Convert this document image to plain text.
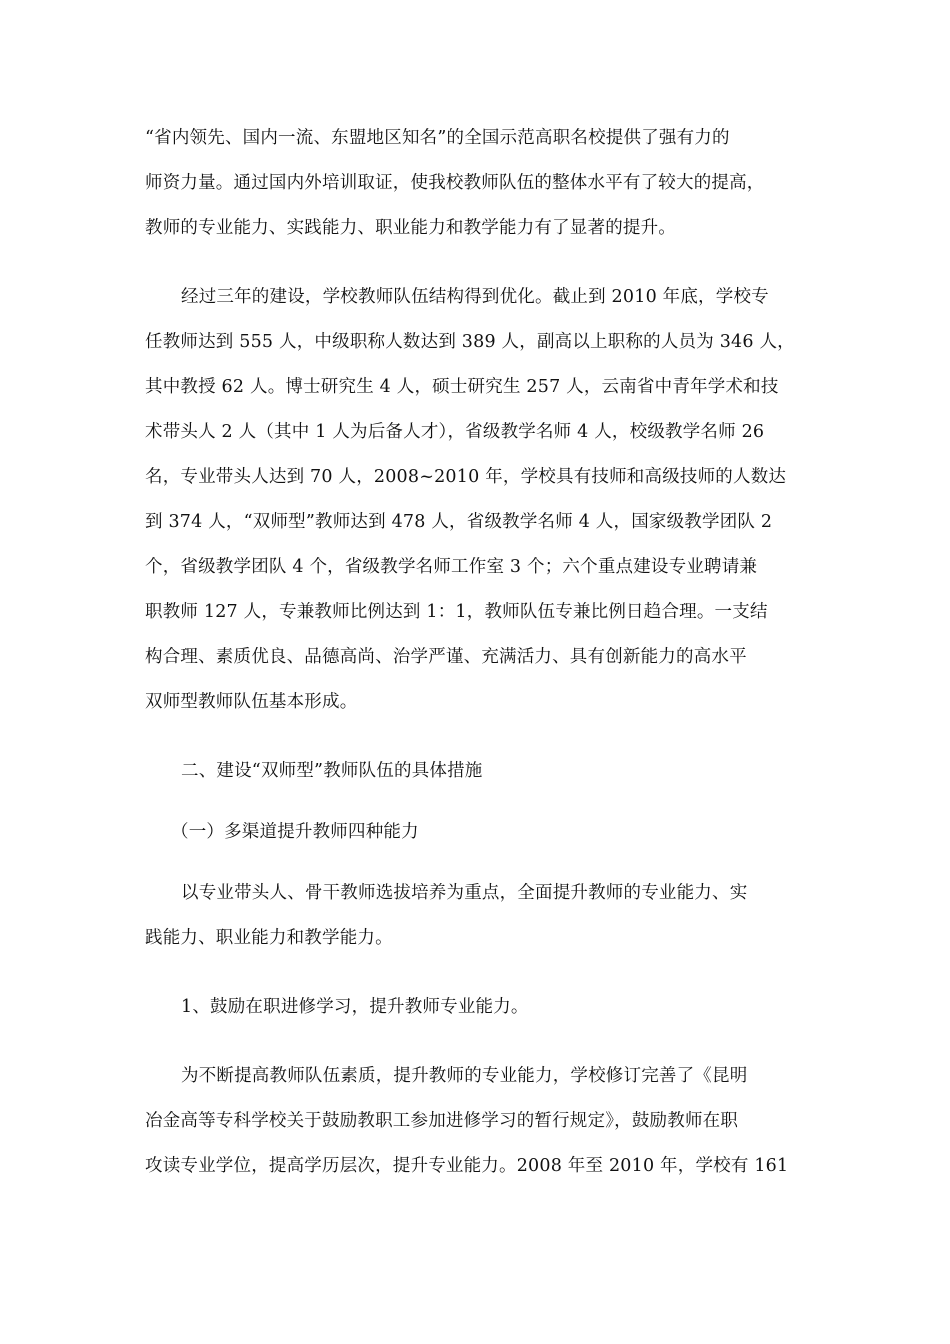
“省内领先、国内一流、东盟地区知名”的全国示范高职名校提供了强有力的
师资力量。通过国内外培训取证，使我校教师队伍的整体水平有了较大的提高，
教师的专业能力、实践能力、职业能力和教学能力有了显著的提升。
经过三年的建设，学校教师队伍结构得到优化。截止到 2010 年底，学校专
任教师达到 555 人，中级职称人数达到 389 人，副高以上职称的人员为 346 人，
其中教授 62 人。博士研究生 4 人，硕士研究生 257 人，云南省中青年学术和技
术带头人 2 人（其中 1 人为后备人才），省级教学名师 4 人，校级教学名师 26
名，专业带头人达到 70 人，2008~2010 年，学校具有技师和高级技师的人数达
到 374 人，“双师型”教师达到 478 人，省级教学名师 4 人，国家级教学团队 2
个，省级教学团队 4 个，省级教学名师工作室 3 个；六个重点建设专业聘请兼
职教师 127 人，专兼教师比例达到 1：1，教师队伍专兼比例日趋合理。一支结
构合理、素质优良、品德高尚、治学严谨、充满活力、具有创新能力的高水平
双师型教师队伍基本形成。
二、建设“双师型”教师队伍的具体措施
（一）多渠道提升教师四种能力
以专业带头人、骨干教师选拔培养为重点，全面提升教师的专业能力、实
践能力、职业能力和教学能力。
1、鼓励在职进修学习，提升教师专业能力。
为不断提高教师队伍素质，提升教师的专业能力，学校修订完善了《昆明
冶金高等专科学校关于鼓励教职工参加进修学习的暂行规定》，鼓励教师在职
攻读专业学位，提高学历层次，提升专业能力。2008 年至 2010 年，学校有 161
